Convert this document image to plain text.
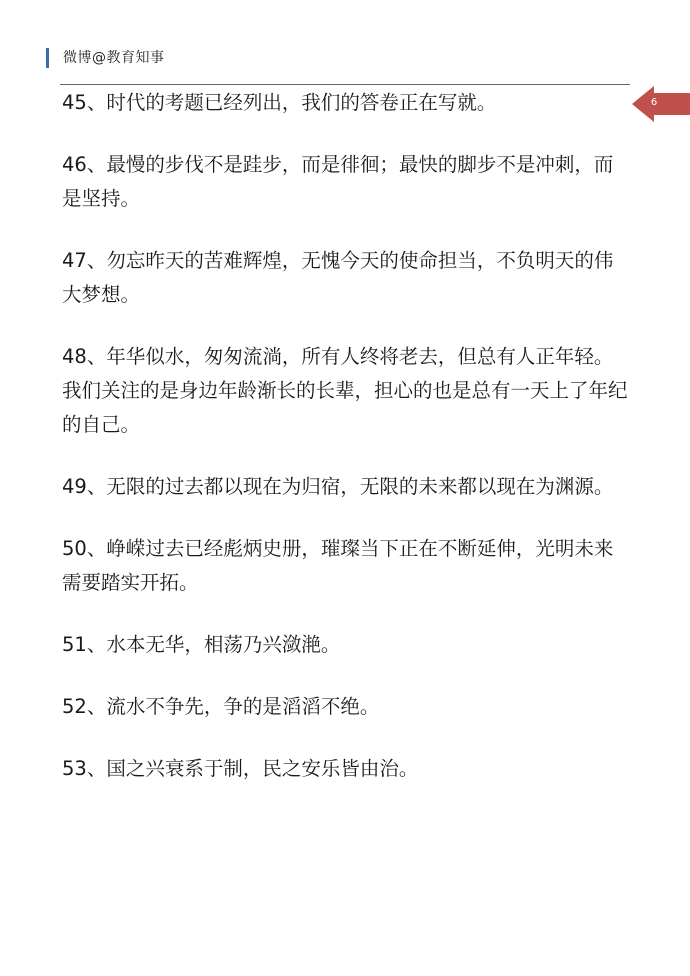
微博@教育知事
6

45、时代的考题已经列出，我们的答卷正在写就。

46、最慢的步伐不是跬步，而是徘徊；最快的脚步不是冲刺，而是坚持。

47、勿忘昨天的苦难辉煌，无愧今天的使命担当，不负明天的伟大梦想。

48、年华似水，匆匆流淌，所有人终将老去，但总有人正年轻。我们关注的是身边年龄渐长的长辈，担心的也是总有一天上了年纪的自己。

49、无限的过去都以现在为归宿，无限的未来都以现在为渊源。

50、峥嵘过去已经彪炳史册，璀璨当下正在不断延伸，光明未来需要踏实开拓。

51、水本无华，相荡乃兴潋滟。

52、流水不争先，争的是滔滔不绝。

53、国之兴衰系于制，民之安乐皆由治。
